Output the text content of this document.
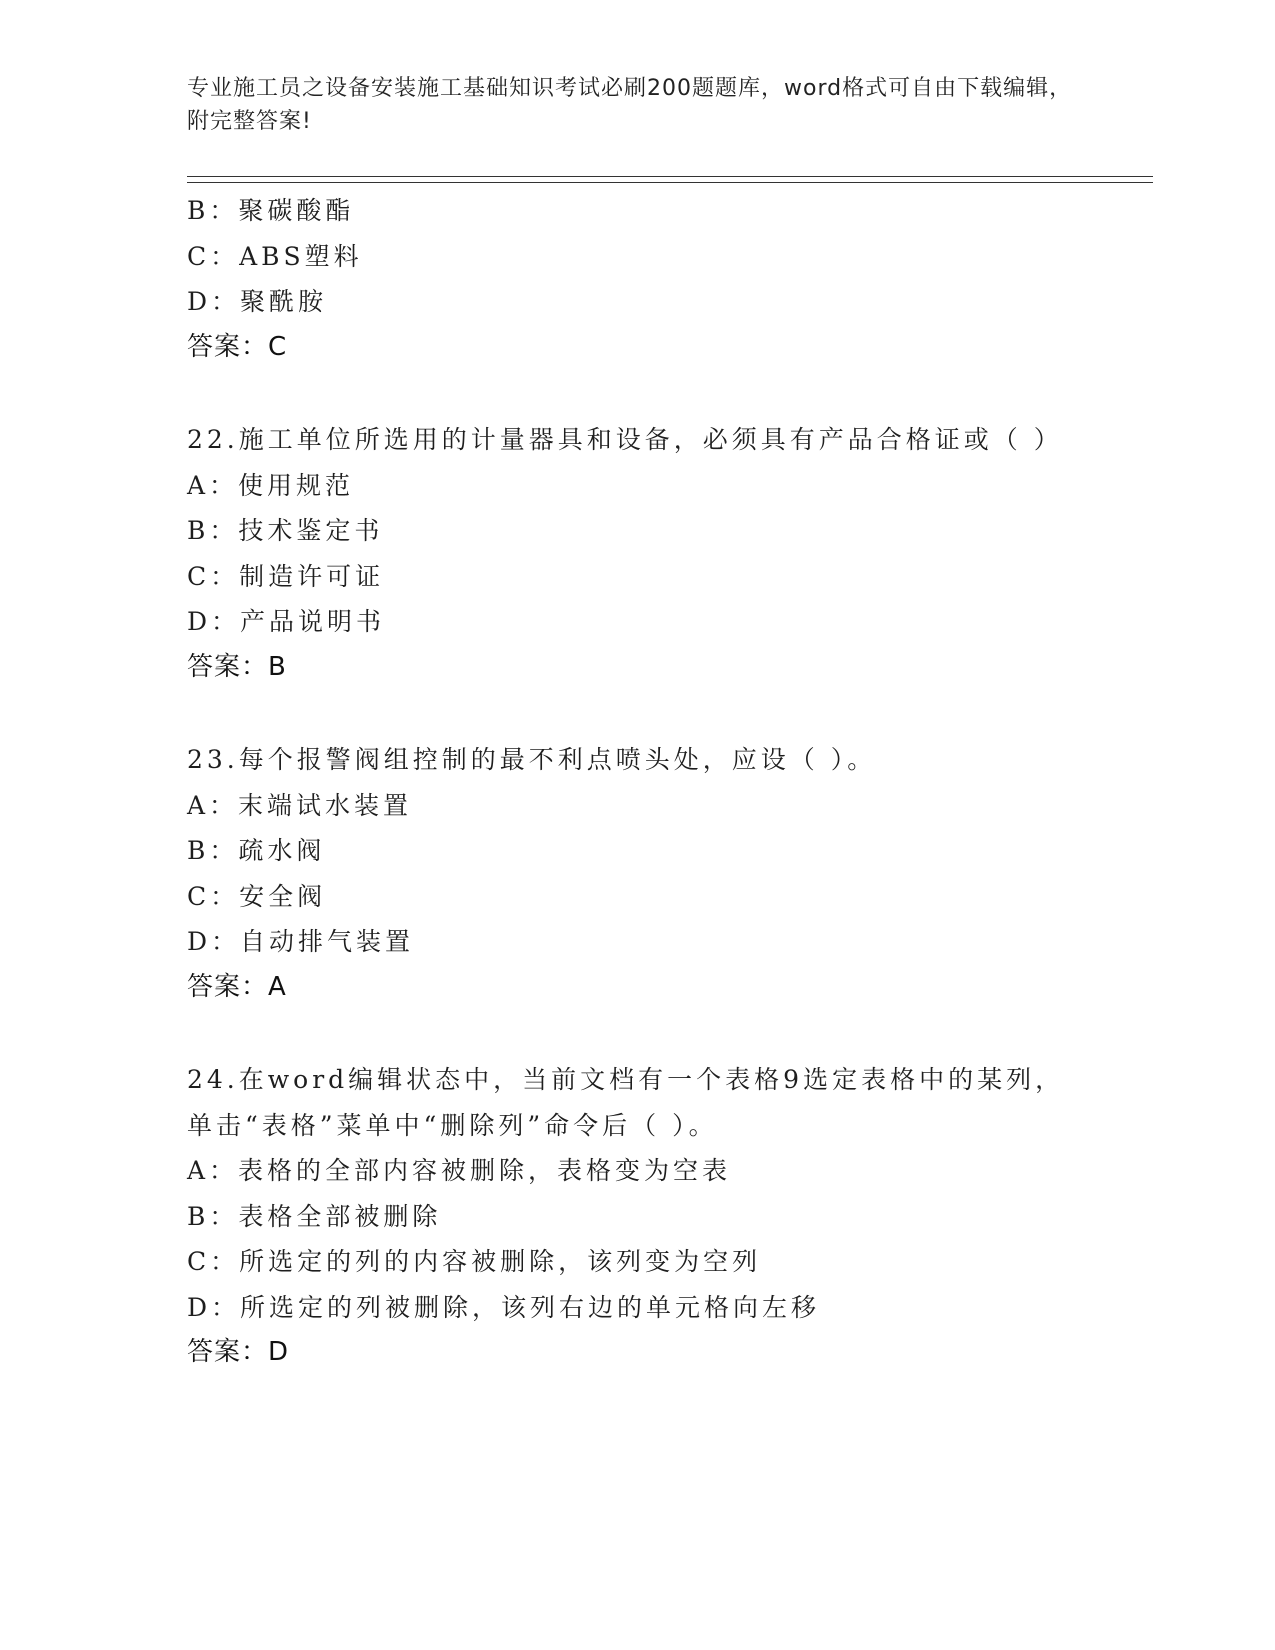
专业施工员之设备安装施工基础知识考试必刷200题题库，word格式可自由下载编辑，附完整答案!
B：聚碳酸酯
C：ABS塑料
D：聚酰胺
答案：C
22.施工单位所选用的计量器具和设备，必须具有产品合格证或（ ）
A：使用规范
B：技术鉴定书
C：制造许可证
D：产品说明书
答案：B
23.每个报警阀组控制的最不利点喷头处，应设（ ）。
A：末端试水装置
B：疏水阀
C：安全阀
D：自动排气装置
答案：A
24.在word编辑状态中，当前文档有一个表格9选定表格中的某列，
单击“表格”菜单中“删除列”命令后（ ）。
A：表格的全部内容被删除，表格变为空表
B：表格全部被删除
C：所选定的列的内容被删除，该列变为空列
D：所选定的列被删除，该列右边的单元格向左移
答案：D
